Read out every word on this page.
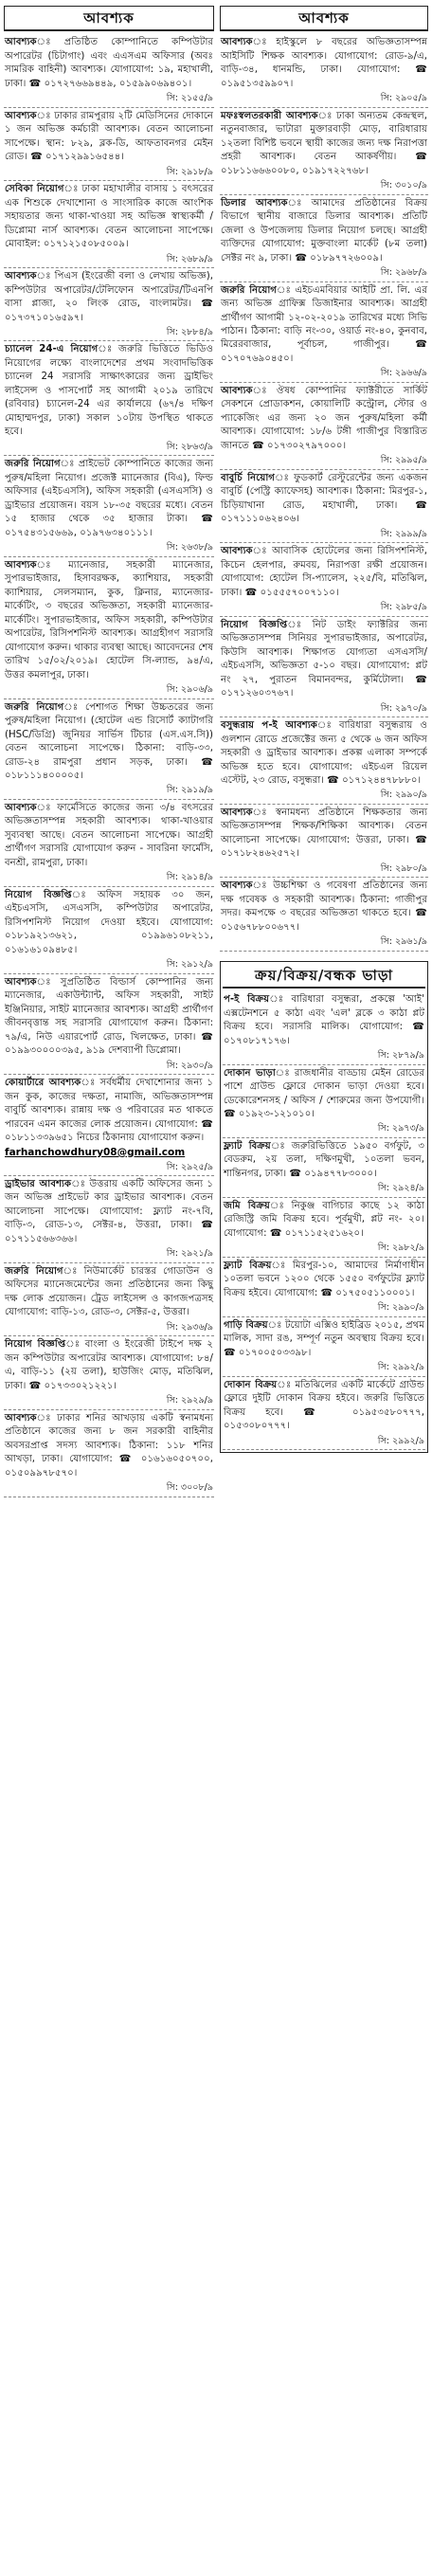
আবশ্যক
আবশ্যকঃ প্রতিষ্ঠিত কোম্পানিতে কম্পিউটার অপারেটর (চিটাগাং) এবং এএসএম অফিসার (অবঃ সামরিক বাহিনী) আবশ্যক। যোগাযোগ: ১৯, মহাখালী, ঢাকা। ☎ ০১৭২৭৬৬৯৪৪৯, ০১৫৯৯০৬৯৪০১।
সি: ২১৫৫/৯
আবশ্যকঃ ঢাকার রামপুরায় ২টি মেডিসিনের দোকানে ১ জন অভিজ্ঞ কর্মচারী আবশ্যক। বেতন আলোচনা সাপেক্ষে। স্থান: ৮২৯, ব্লক-ডি, আফতাবনগর মেইন রোড। ☎ ০১৭১২৯৯১৬৫৪৪।
সি: ২৯১৮/৯
সেবিকা নিয়োগঃ ঢাকা মহাখালীর বাসায় ১ বৎসরের এক শিশুকে দেখাশোনা ও সাংসারিক কাজে আংশিক সহায়তার জন্য থাকা-খাওয়া সহ অভিজ্ঞ স্বাস্থ্যকর্মী / ডিপ্লোমা নার্স আবশ্যক। বেতন আলোচনা সাপেক্ষে। মোবাইল: ০১৭১২১৫০৮৫০০৯।
সি: ২৬৮৯/৯
আবশ্যকঃ পিএস (ইংরেজী বলা ও লেখায় অভিজ্ঞ), কম্পিউটার অপারেটর/টেলিফোন অপারেটর/টিএনপি বাসা প্লাজা, ২০ লিংক রোড, বাংলামটর। ☎ ০১৭৩৭১০১৬৫৯৭।
সি: ২৮৮৪/৯
চ্যানেল 24-এ নিয়োগঃ জরুরি ভিত্তিতে ভিডিও নিয়োগের লক্ষ্যে বাংলাদেশের প্রথম সংবাদভিত্তিক চ্যানেল 24 সরাসরি সাক্ষাৎকারের জন্য ড্রাইভিং লাইসেন্স ও পাসপোর্ট সহ আগামী ২০১৯ তারিখে (রবিবার) চ্যানেল-24 এর কার্যালয়ে (৬৭/৪ দক্ষিণ মোহাম্মদপুর, ঢাকা) সকাল ১০টায় উপস্থিত থাকতে হবে।
সি: ২৮৬৩/৯
জরুরি নিয়োগঃ প্রাইভেট কোম্পানিতে কাজের জন্য পুরুষ/মহিলা নিয়োগ। প্রজেক্ট ম্যানেজার (বিএ), ফিল্ড অফিসার (এইচএসসি), অফিস সহকারী (এসএসসি) ও ড্রাইভার প্রয়োজন। বয়স ১৮-৩৫ বছরের মধ্যে। বেতন ১৫ হাজার থেকে ৩৫ হাজার টাকা। ☎ ০১৭৫৪৩১৫৬৬৯, ০১৯৭৬৩৪০১১১।
সি: ২৬৩৮/৯
আবশ্যকঃ ম্যানেজার, সহকারী ম্যানেজার, সুপারভাইজার, হিসাবরক্ষক, ক্যাশিয়ার, সহকারী ক্যাশিয়ার, সেলসম্যান, কুক, ক্লিনার, ম্যানেজার-মার্কেটিং, ৩ বছরের অভিজ্ঞতা, সহকারী ম্যানেজার-মার্কেটিং। সুপারভাইজার, অফিস সহকারী, কম্পিউটার অপারেটর, রিসিপশনিস্ট আবশ্যক। আগ্রহীগণ সরাসরি যোগাযোগ করুন। থাকার ব্যবস্থা আছে। আবেদনের শেষ তারিখ ১৫/০২/২০১৯। হোটেল সি-ল্যান্ড, ৯৪/এ, উত্তর কমলাপুর, ঢাকা।
সি: ২৯০৬/৯
জরুরি নিয়োগঃ পেশাগত শিক্ষা উচ্চতরের জন্য পুরুষ/মহিলা নিয়োগ। (হোটেল এন্ড রিসোর্ট ক্যাটাগরি (HSC/ডিগ্রি) জুনিয়র সার্ভিস টিচার (এস.এস.সি)) বেতন আলোচনা সাপেক্ষে। ঠিকানা: বাড়ি-৩৩, রোড-২৪ রামপুরা প্রধান সড়ক, ঢাকা। ☎ ০১৮১১১৪০০০০৫।
সি: ২৯১৯/৯
আবশ্যকঃ ফার্মেসিতে কাজের জন্য ৩/৪ বৎসরের অভিজ্ঞতাসম্পন্ন সহকারী আবশ্যক। থাকা-খাওয়ার সুব্যবস্থা আছে। বেতন আলোচনা সাপেক্ষে। আগ্রহী প্রার্থীগণ সরাসরি যোগাযোগ করুন - সাবরিনা ফার্মেসি, বনশ্রী, রামপুরা, ঢাকা।
সি: ২৯১৪/৯
নিয়োগ বিজ্ঞপ্তিঃ অফিস সহায়ক ৩০ জন, এইচএসসি, এসএসসি, কম্পিউটার অপারেটর, রিসিপশনিস্ট নিয়োগ দেওয়া হইবে। যোগাযোগ: ০১৮১৯২১৩৬২১, ০১৯৯৬১০৮২১১, ০১৬১৬১০৯৪৮৫।
সি: ২৯১২/৯
আবশ্যকঃ সুপ্রতিষ্ঠিত বিল্ডার্স কোম্পানির জন্য ম্যানেজার, একাউন্ট্যান্ট, অফিস সহকারী, সাইট ইঞ্জিনিয়ার, সাইট ম্যানেজার আবশ্যক। আগ্রহী প্রার্থীগণ জীবনবৃত্তান্ত সহ সরাসরি যোগাযোগ করুন। ঠিকানা: ৭৯/এ, নিউ এয়ারপোর্ট রোড, খিলক্ষেত, ঢাকা। ☎ ০১৯৯৩০০০০৩৯৫, ৯১৯ দেশব্যাপী ডিপ্লোমা।
সি: ২৯৩০/৯
কোয়ার্টারে আবশ্যকঃ সর্বধর্মীয় দেখাশোনার জন্য ১ জন কুক, কাজের দক্ষতা, নামাজি, অভিজ্ঞতাসম্পন্ন বাবুর্চি আবশ্যক। রান্নায় দক্ষ ও পরিবারের মত থাকতে পারবেন এমন কাজের লোক প্রয়োজন। যোগাযোগ: ☎ ০১৮১১৩৩৯৬৫১ নিচের ঠিকানায় যোগাযোগ করুন।
farhanchowdhury08@gmail.com
সি: ২৯২৫/৯
ড্রাইভার আবশ্যকঃ উত্তরায় একটি অফিসের জন্য ১ জন অভিজ্ঞ প্রাইভেট কার ড্রাইভার আবশ্যক। বেতন আলোচনা সাপেক্ষে। যোগাযোগ: ফ্ল্যাট নং-৭বি, বাড়ি-৩, রোড-১৩, সেক্টর-৪, উত্তরা, ঢাকা। ☎ ০১৭১১৫৬৬৩৬৬।
সি: ২৯২১/৯
জরুরি নিয়োগঃ নিউমার্কেট চারস্তর গোডাউন ও অফিসের ম্যানেজমেন্টের জন্য প্রতিষ্ঠানের জন্য কিছু দক্ষ লোক প্রয়োজন। ট্রেড লাইসেন্স ও কাগজপত্রসহ যোগাযোগ: বাড়ি-১৩, রোড-৩, সেক্টর-৫, উত্তরা।
সি: ২৯৩৬/৯
নিয়োগ বিজ্ঞপ্তিঃ বাংলা ও ইংরেজী টাইপে দক্ষ ২ জন কম্পিউটার অপারেটর আবশ্যক। যোগাযোগ: ৮৪/এ, বাড়ি-১১ (২য় তলা), হাউজিং মোড়, মতিঝিল, ঢাকা। ☎ ০১৭৩৩০২১২২১।
সি: ২৯২৯/৯
আবশ্যকঃ ঢাকার শনির আখড়ায় একটি স্বনামধন্য প্রতিষ্ঠানে কাজের জন্য ৮ জন সরকারী বাহিনীর অবসরপ্রাপ্ত সদস্য আবশ্যক। ঠিকানা: ১১৮ শনির আখড়া, ঢাকা। যোগাযোগ: ☎ ০১৬১৬০৫০৭০০, ০১৫০৯৯৭৮৫৭০।
সি: ৩০০৮/৯
আবশ্যক
আবশ্যকঃ হাইস্কুলে ৮ বছরের অভিজ্ঞতাসম্পন্ন আইসিটি শিক্ষক আবশ্যক। যোগাযোগ: রোড-৯/এ, বাড়ি-৩৪, ধানমন্ডি, ঢাকা। যোগাযোগ: ☎ ০১৯৫১৩৫৯৯০৭।
সি: ২৯০৫/৯
মফঃস্বলতরকারী আবশ্যকঃ ঢাকা অন্যতম কেন্দ্রস্থল, নতুনবাজার, ভাটারা মুক্তারবাড়ী মোড়, বারিধারায় ১২তলা বিশিষ্ট ভবনে স্থায়ী কাজের জন্য দক্ষ নিরাপত্তা প্রহরী আবশ্যক। বেতন আকর্ষণীয়। ☎ ০১৮১১৬৬৬০০৮০, ০১৯১৭২২৭৬৮।
সি: ৩০১০/৯
ডিলার আবশ্যকঃ আমাদের প্রতিষ্ঠানের বিক্রয় বিভাগে স্থানীয় বাজারে ডিলার আবশ্যক। প্রতিটি জেলা ও উপজেলায় ডিলার নিয়োগ চলছে। আগ্রহী ব্যক্তিদের যোগাযোগ: মুক্তবাংলা মার্কেট (৮ম তলা) সেক্টর নং ৯, ঢাকা। ☎ ০১৮৯৭৭২৬০০৯।
সি: ২৯৬৮/৯
জরুরি নিয়োগঃ এইচএমবিয়ার আইটি প্রা. লি. এর জন্য অভিজ্ঞ গ্রাফিক্স ডিজাইনার আবশ্যক। আগ্রহী প্রার্থীগণ আগামী ১২-০২-২০১৯ তারিখের মধ্যে সিভি পাঠান। ঠিকানা: বাড়ি নং-৩০, ওয়ার্ড নং-৪০, কুনবাব, মিরেরবাজার, পূর্বাচল, গাজীপুর। ☎ ০১৭০৭৬৯০৪৫০।
সি: ২৯৬৬/৯
আবশ্যকঃ ঔষধ কোম্পানির ফ্যাক্টরীতে সার্কিট সেকশনে প্রোডাকশন, কোয়ালিটি কন্ট্রোল, স্টোর ও প্যাকেজিং এর জন্য ২০ জন পুরুষ/মহিলা কর্মী আবশ্যক। যোগাযোগ: ১৮/৬ টঙ্গী গাজীপুর বিস্তারিত জানতে ☎ ০১৭৩০২৭৯৭০০০।
সি: ২৯৯৫/৯
বাবুর্চি নিয়োগঃ ফুডকার্ট রেস্টুরেন্টের জন্য একজন বাবুর্চি (পেস্ট্রি ক্যাফেসহ) আবশ্যক। ঠিকানা: মিরপুর-১, চিড়িয়াখানা রোড, মহাখালী, ঢাকা। ☎ ০১৭১১১০৬২৪০৬।
সি: ২৯৯৯/৯
আবশ্যকঃ আবাসিক হোটেলের জন্য রিসিপশনিস্ট, কিচেন হেলপার, রুমবয়, নিরাপত্তা রক্ষী প্রয়োজন। যোগাযোগ: হোটেল সি-প্যালেস, ২২৫/বি, মতিঝিল, ঢাকা। ☎ ০১৫৫৫৭০০৭১১০।
সি: ২৯৮৫/৯
নিয়োগ বিজ্ঞপ্তিঃ নিট ডাইং ফ্যাক্টরির জন্য অভিজ্ঞতাসম্পন্ন সিনিয়র সুপারভাইজার, অপারেটর, কিউসি আবশ্যক। শিক্ষাগত যোগ্যতা এসএসসি/এইচএসসি, অভিজ্ঞতা ৫-১০ বছর। যোগাযোগ: প্লট নং ২৭, পুরাতন বিমানবন্দর, কুর্মিটোলা। ☎ ০১৭১২৬০৩৭৬৭।
সি: ২৯৭০/৯
বসুন্ধরায় প-ই আবশ্যকঃ বারিধারা বসুন্ধরায় ও গুলশান রোডে প্রজেক্টের জন্য ৫ থেকে ৬ জন অফিস সহকারী ও ড্রাইভার আবশ্যক। প্রকল্প এলাকা সম্পর্কে অভিজ্ঞ হতে হবে। যোগাযোগ: এইচএল রিয়েল এস্টেট, ২৩ রোড, বসুন্ধরা। ☎ ০১৭১২৪৪৭৮৮৮০।
সি: ২৯৯০/৯
আবশ্যকঃ স্বনামধন্য প্রতিষ্ঠানে শিক্ষকতার জন্য অভিজ্ঞতাসম্পন্ন শিক্ষক/শিক্ষিকা আবশ্যক। বেতন আলোচনা সাপেক্ষে। যোগাযোগ: উত্তরা, ঢাকা। ☎ ০১৭১৮২৪৬২৫৭২।
সি: ২৯৮০/৯
আবশ্যকঃ উচ্চশিক্ষা ও গবেষণা প্রতিষ্ঠানের জন্য দক্ষ গবেষক ও সহকারী আবশ্যক। ঠিকানা: গাজীপুর সদর। কমপক্ষে ৩ বছরের অভিজ্ঞতা থাকতে হবে। ☎ ০১৫৬৭৮৮০০৬৭৭।
সি: ২৯৬১/৯
ক্রয়/বিক্রয়/বন্ধক ভাড়া
প-ই বিক্রয়ঃ বারিধারা বসুন্ধরা, প্রকল্পে 'আই' এক্সটেনশনে ৫ কাঠা এবং 'এল' ব্লকে ৩ কাঠা প্লট বিক্রয় হবে। সরাসরি মালিক। যোগাযোগ: ☎ ০১৭০৮১৭১৭৬।
সি: ২৮৭৯/৯
দোকান ভাড়াঃ রাজধানীর বাড্ডায় মেইন রোডের পাশে গ্রাউন্ড ফ্লোরে দোকান ভাড়া দেওয়া হবে। ডেকোরেশনসহ / অফিস / শোরুমের জন্য উপযোগী। ☎ ০১৯২৩-১২১০১০।
সি: ২৯৭৩/৯
ফ্ল্যাট বিক্রয়ঃ জরুরিভিত্তিতে ১৯৫০ বর্গফুট, ৩ বেডরুম, ২য় তলা, দক্ষিণমুখী, ১০তলা ভবন, শান্তিনগর, ঢাকা। ☎ ০১৯৪৭৭৮৩০০০।
সি: ২৯২৪/৯
জমি বিক্রয়ঃ নিকুঞ্জ বাগিচার কাছে ১২ কাঠা রেজিস্ট্রি জমি বিক্রয় হবে। পূর্বমুখী, প্লট নং- ২০। যোগাযোগ: ☎ ০১৭১১৫২৫১৬২০।
সি: ২৯৮২/৯
ফ্ল্যাট বিক্রয়ঃ মিরপুর-১০, আমাদের নির্মাণাধীন ১০তলা ভবনে ১২০০ থেকে ১৫৫০ বর্গফুটের ফ্ল্যাট বিক্রয় হইবে। যোগাযোগ: ☎ ০১৭৫০৫১১০০০১।
সি: ২৯৯০/৯
গাড়ি বিক্রয়ঃ টয়োটা এক্সিও হাইব্রিড ২০১৫, প্রথম মালিক, সাদা রঙ, সম্পূর্ণ নতুন অবস্থায় বিক্রয় হবে। ☎ ০১৭০০৫০৩৩৯৮।
সি: ২৯৯২/৯
দোকান বিক্রয়ঃ মতিঝিলের একটি মার্কেটে গ্রাউন্ড ফ্লোরে দুইটি দোকান বিক্রয় হইবে। জরুরি ভিত্তিতে বিক্রয় হবে। ☎ ০১৯৫৩৫৮০৭৭৭, ০১৫৩০৮০৭৭৭।
সি: ২৯৯২/৯
